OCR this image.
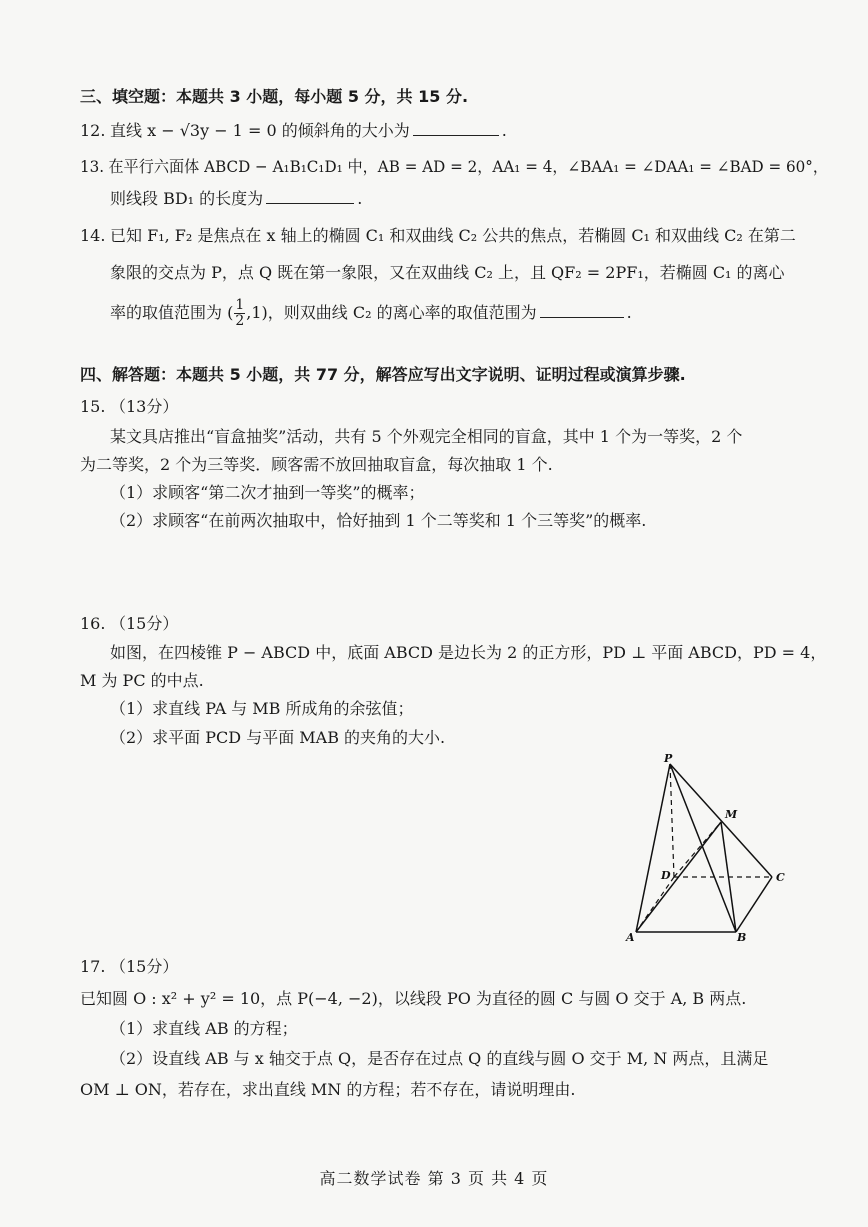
三、填空题：本题共 3 小题，每小题 5 分，共 15 分.
12. 直线 x − √3y − 1 = 0 的倾斜角的大小为	.
13. 在平行六面体 ABCD − A₁B₁C₁D₁ 中，AB = AD = 2，AA₁ = 4，∠BAA₁ = ∠DAA₁ = ∠BAD = 60°，
则线段 BD₁ 的长度为	.
14. 已知 F₁, F₂ 是焦点在 x 轴上的椭圆 C₁ 和双曲线 C₂ 公共的焦点，若椭圆 C₁ 和双曲线 C₂ 在第二
象限的交点为 P，点 Q 既在第一象限，又在双曲线 C₂ 上，且 QF₂ = 2PF₁，若椭圆 C₁ 的离心
率的取值范围为 ( $\frac{1}{2} ,1$)，则双曲线 C₂ 的离心率的取值范围为	.
四、解答题：本题共 5 小题，共 77 分，解答应写出文字说明、证明过程或演算步骤.
15. （13分）
某文具店推出“盲盒抽奖”活动，共有 5 个外观完全相同的盲盒，其中 1 个为一等奖，2 个
为二等奖，2 个为三等奖．顾客需不放回抽取盲盒，每次抽取 1 个.
（1）求顾客“第二次才抽到一等奖”的概率；
（2）求顾客“在前两次抽取中，恰好抽到 1 个二等奖和 1 个三等奖”的概率.
16. （15分）
如图，在四棱锥 P − ABCD 中，底面 ABCD 是边长为 2 的正方形，PD ⊥ 平面 ABCD，PD = 4，
M 为 PC 的中点.
（1）求直线 PA 与 MB 所成角的余弦值；
（2）求平面 PCD 与平面 MAB 的夹角的大小.
P
M
D	C
A	B
17. （15分）
已知圆 O : x² + y² = 10，点 P(−4, −2)，以线段 PO 为直径的圆 C 与圆 O 交于 A, B 两点.
（1）求直线 AB 的方程；
（2）设直线 AB 与 x 轴交于点 Q，是否存在过点 Q 的直线与圆 O 交于 M, N 两点，且满足
OM ⊥ ON，若存在，求出直线 MN 的方程；若不存在，请说明理由.
高二数学试卷 第 3 页 共 4 页
